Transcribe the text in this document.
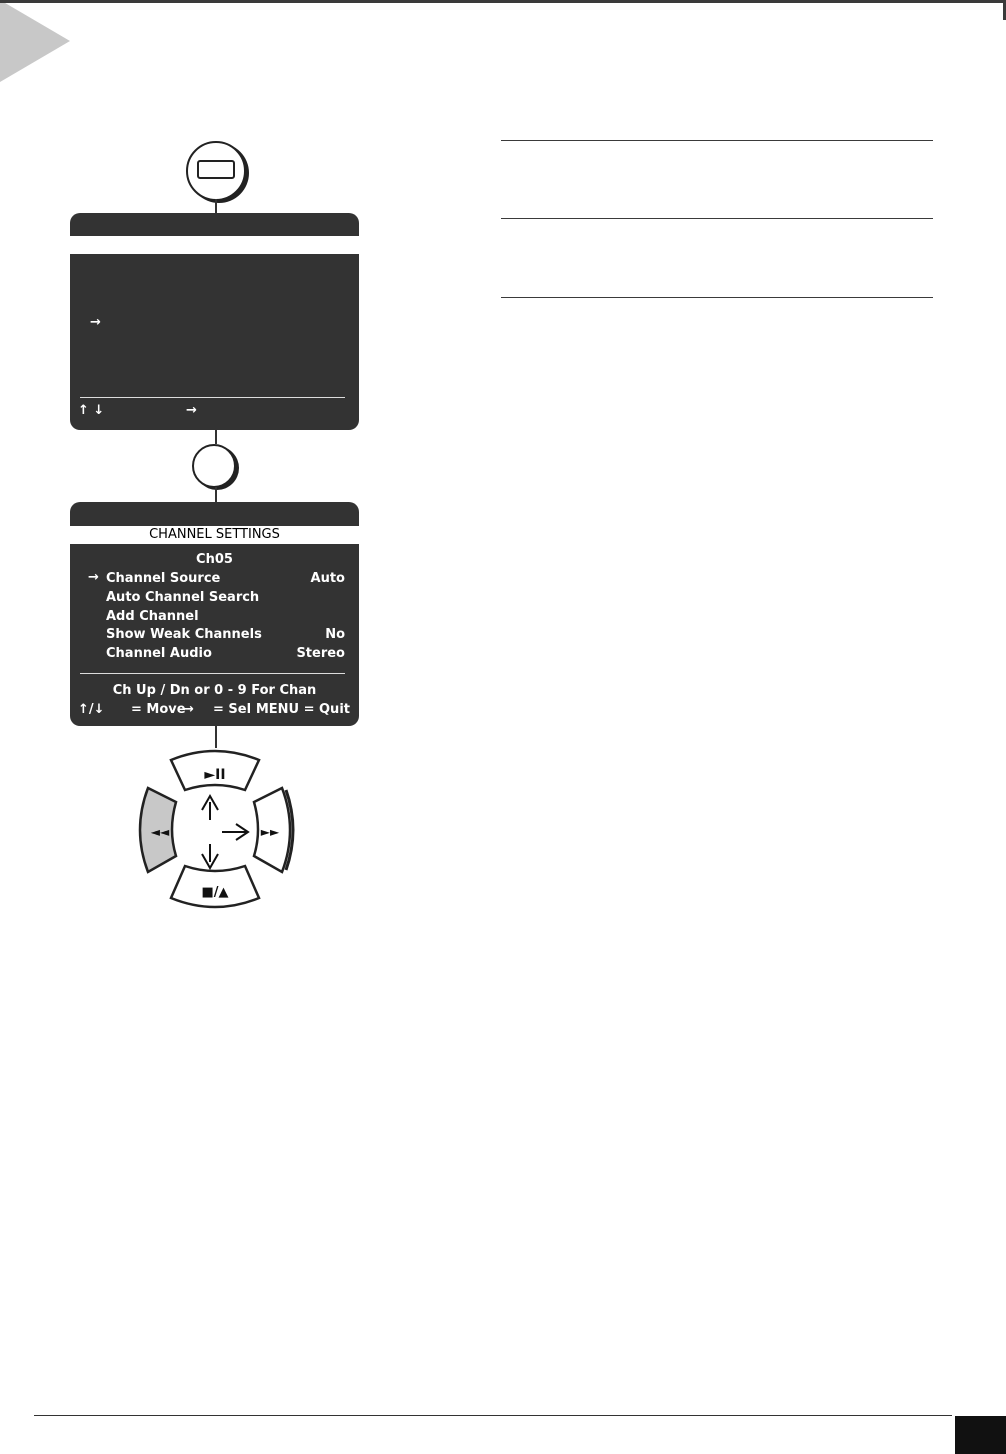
→
↑ ↓	→
CHANNEL SETTINGS
Ch05
→ Channel Source	Auto
Auto Channel Search
Add Channel
Show Weak Channels	No
Channel Audio	Stereo
Ch Up / Dn or 0 - 9 For Chan
↑/↓ = Move
→ = Sel MENU = Quit
►II
■/▲
◄◄	►►
